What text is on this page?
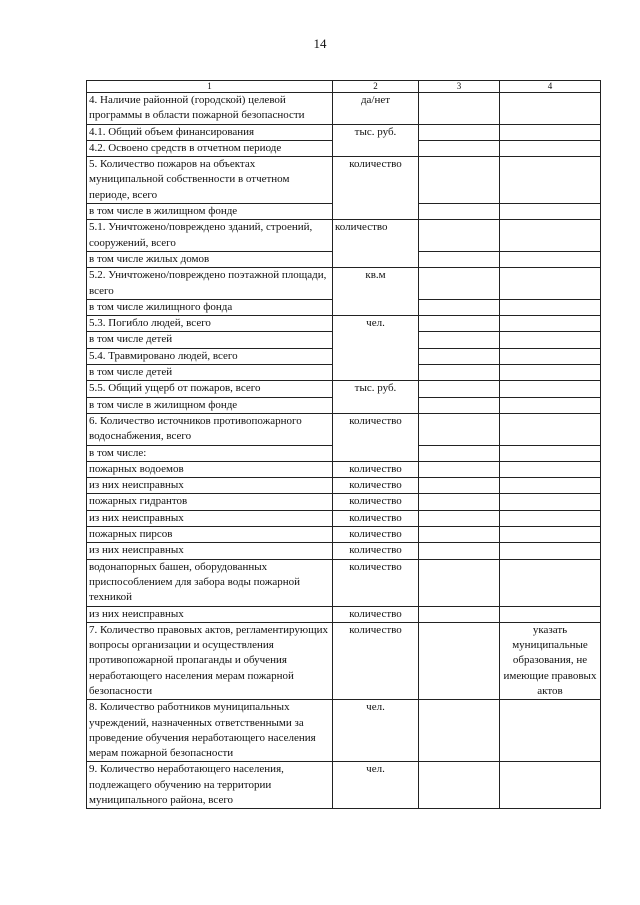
14
1	2	3	4
4. Наличие районной (городской) целевой программы в области пожарной безопасности	да/нет		
4.1. Общий объем финансирования	тыс. руб.		
4.2. Освоено средств в отчетном периоде			
5. Количество пожаров на объектах муниципальной собственности в отчетном периоде, всего	количество		
в том числе в жилищном фонде			
5.1. Уничтожено/повреждено зданий, строений, сооружений, всего	количество		
в том числе жилых домов			
5.2. Уничтожено/повреждено поэтажной площади, всего	кв.м		
в том числе жилищного фонда			
5.3. Погибло людей, всего	чел.		
в том числе детей			
5.4. Травмировано людей, всего			
в том числе детей			
5.5. Общий ущерб от пожаров, всего	тыс. руб.		
в том числе в жилищном фонде			
6. Количество источников противопожарного водоснабжения, всего	количество		
в том числе:			
пожарных водоемов	количество		
из них неисправных	количество		
пожарных гидрантов	количество		
из них неисправных	количество		
пожарных пирсов	количество		
из них неисправных	количество		
водонапорных башен, оборудованных приспособлением для забора воды пожарной техникой	количество		
из них неисправных	количество		
7. Количество правовых актов, регламентирующих вопросы организации и осуществления противопожарной пропаганды и обучения неработающего населения мерам пожарной безопасности	количество		указать муниципальные образования, не имеющие правовых актов
8. Количество работников муниципальных учреждений, назначенных ответственными за проведение обучения неработающего населения мерам пожарной безопасности	чел.		
9. Количество неработающего населения, подлежащего обучению на территории муниципального района, всего	чел.		
